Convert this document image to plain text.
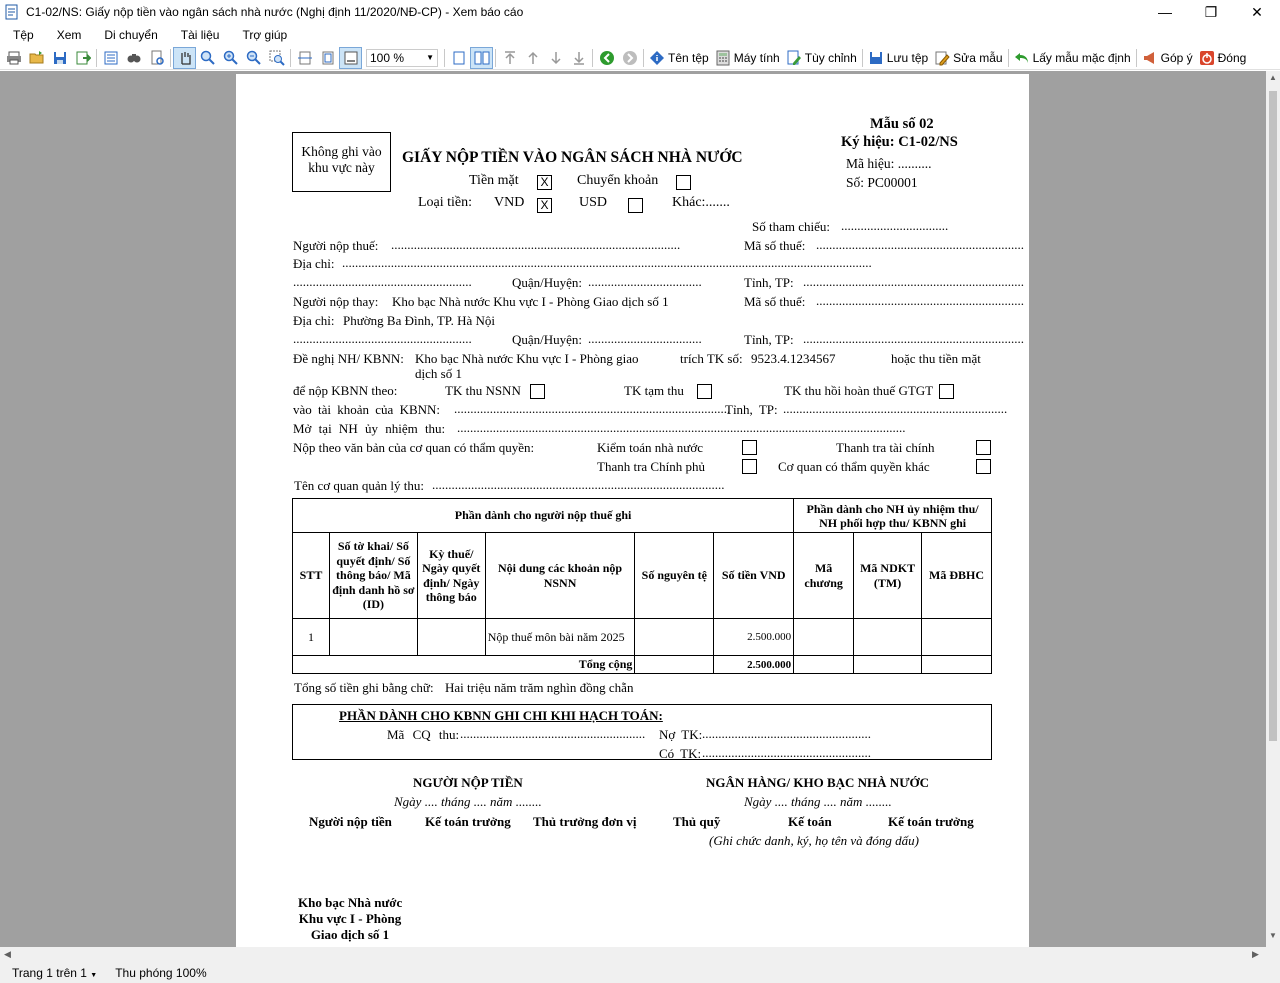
C1-02/NS: Giấy nộp tiền vào ngân sách nhà nước (Nghị định 11/2020/NĐ-CP) - Xem báo cáo	—	❐	✕
Tệp	Xem	Di chuyển	Tài liệu	Trợ giúp
100 %	▼	Tên tệp Máy tính Tùy chỉnh	Lưu tệp Sửa mẫu	Lấy mẫu mặc định	Góp ý Đóng
Không ghi vào
khu vực này
Mẫu số 02
Ký hiệu: C1-02/NS
Mã hiệu: ..........
Số: PC00001
GIẤY NỘP TIỀN VÀO NGÂN SÁCH NHÀ NƯỚC
Tiền mặt X Chuyển khoản
Loại tiền: VND X USD	Khác:.......
Số tham chiếu: .................................
Người nộp thuế: .........................................................................................	Mã số thuế: ................................................................
Địa chỉ: ...................................................................................................................................................................
.......................................................	Quận/Huyện: ...................................	Tỉnh, TP: ....................................................................
Người nộp thay: Kho bạc Nhà nước Khu vực I - Phòng Giao dịch số 1	Mã số thuế: ................................................................
Địa chỉ: Phường Ba Đình, TP. Hà Nội
.......................................................	Quận/Huyện: ...................................	Tỉnh, TP: ....................................................................
Đề nghị NH/ KBNN: Kho bạc Nhà nước Khu vực I - Phòng giao
dịch số 1
trích TK số: 9523.4.1234567	hoặc thu tiền mặt
để nộp KBNN theo:	TK thu NSNN	TK tạm thu	TK thu hồi hoàn thuế GTGT
vào tài khoản của KBNN: .....................................................................................
Tỉnh, TP: .....................................................................
Mở tại NH ủy nhiệm thu: ..........................................................................................................................................
Nộp theo văn bản của cơ quan có thẩm quyền:	Kiểm toán nhà nước	Thanh tra tài chính
Thanh tra Chính phủ	Cơ quan có thẩm quyền khác
Tên cơ quan quản lý thu: ..........................................................................................
Phần dành cho người nộp thuế ghi						Phần dành cho NH ủy nhiệm thu/ NH phối hợp thu/ KBNN ghi		
STT	Số tờ khai/ Số quyết định/ Số thông báo/ Mã định danh hồ sơ (ID)	Kỳ thuế/ Ngày quyết định/ Ngày thông báo	Nội dung các khoản nộp NSNN	Số nguyên tệ	Số tiền VND	Mã chương	Mã NDKT (TM)	Mã ĐBHC
1			Nộp thuế môn bài năm 2025		2.500.000			
Tổng cộng					2.500.000			
Tổng số tiền ghi bằng chữ: Hai triệu năm trăm nghìn đồng chẵn
PHẦN DÀNH CHO KBNN GHI CHI KHI HẠCH TOÁN:
Mã CQ thu: ......................................................... Nợ TK: ....................................................
Có TK: ....................................................
NGƯỜI NỘP TIỀN	NGÂN HÀNG/ KHO BẠC NHÀ NƯỚC
Ngày .... tháng .... năm ........	Ngày .... tháng .... năm ........
Người nộp tiền	Kế toán trưởng Thủ trưởng đơn vị	Thủ quỹ	Kế toán	Kế toán trưởng
(Ghi chức danh, ký, họ tên và đóng dấu)
Kho bạc Nhà nước
Khu vực I - Phòng
Giao dịch số 1
▲
▼
◀	▶
Trang 1 trên 1 ▼ Thu phóng 100%
